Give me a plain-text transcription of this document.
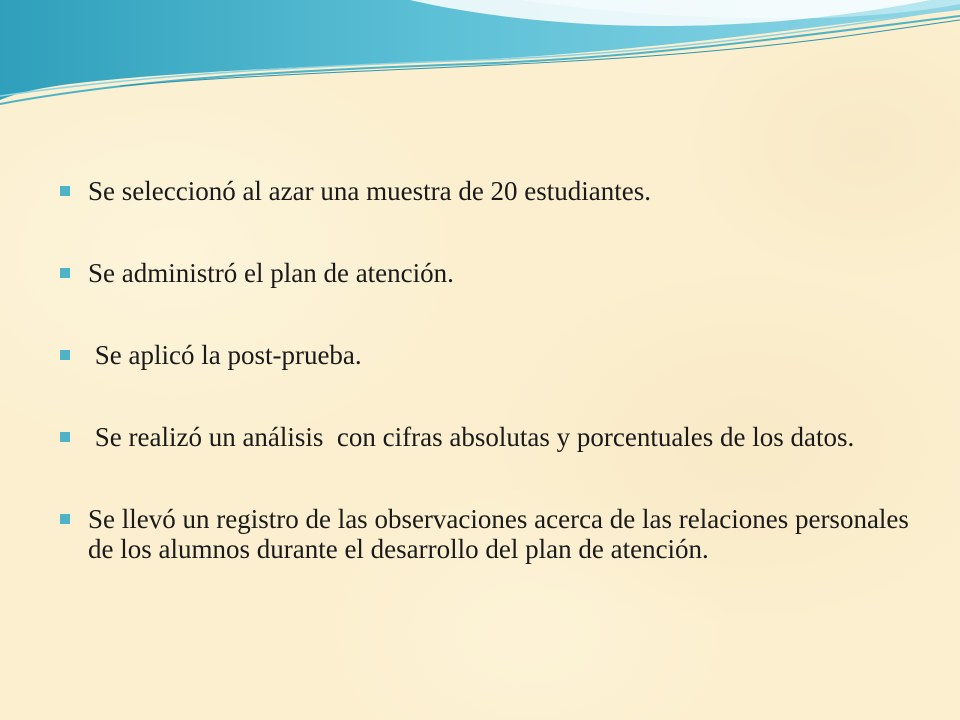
Se seleccionó al azar una muestra de 20 estudiantes.
Se administró el plan de atención.
Se aplicó la post-prueba.
Se realizó un análisis  con cifras absolutas y porcentuales de los datos.
Se llevó un registro de las observaciones acerca de las relaciones personales de los alumnos durante el desarrollo del plan de atención.
